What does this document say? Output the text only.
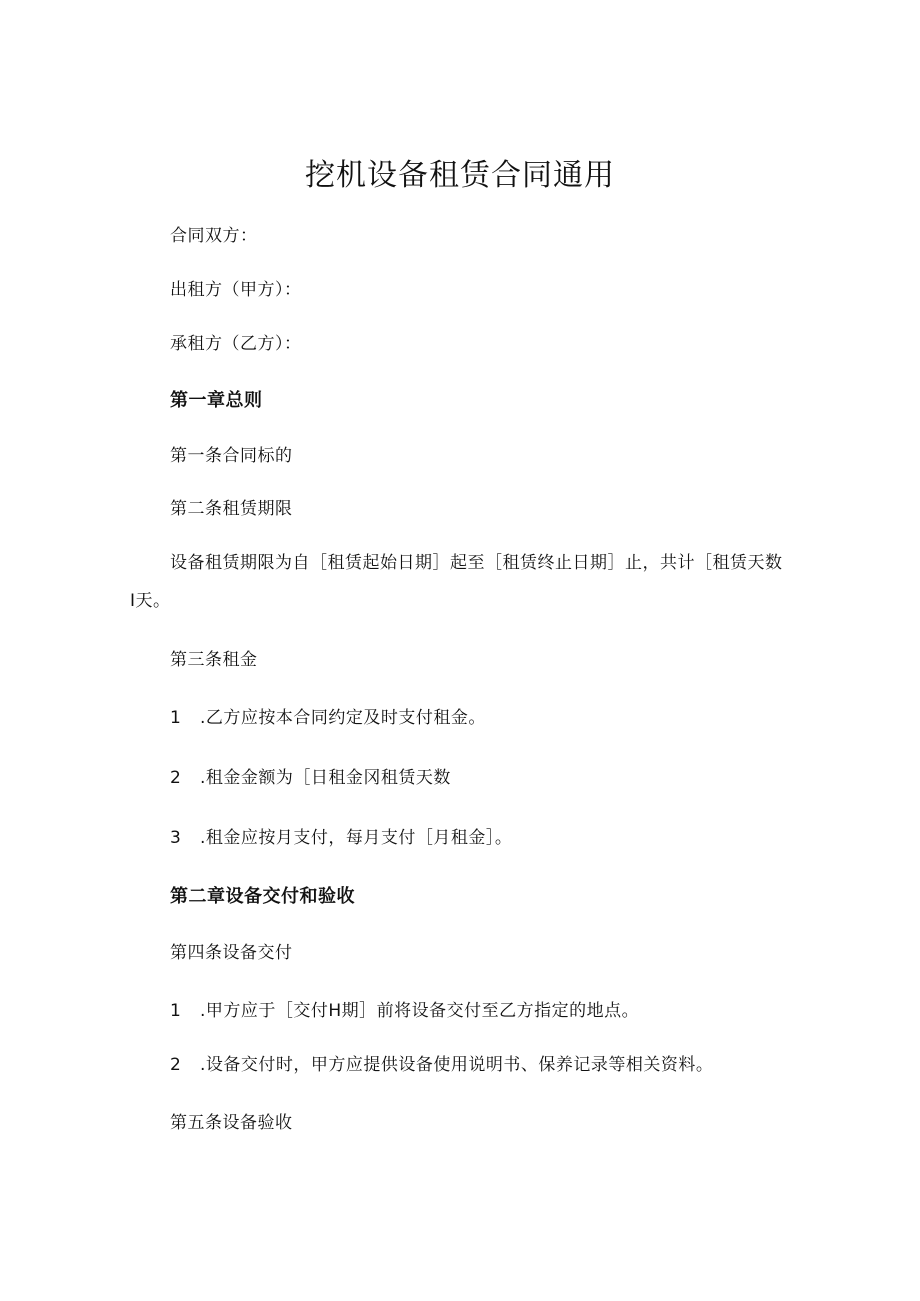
挖机设备租赁合同通用
合同双方：
出租方（甲方）：
承租方（乙方）：
第一章总则
第一条合同标的
第二条租赁期限
设备租赁期限为自［租赁起始日期］起至［租赁终止日期］止，共计［租赁天数I天。
第三条租金
1 .乙方应按本合同约定及时支付租金。
2 .租金金额为［日租金冈租赁天数
3 .租金应按月支付，每月支付［月租金］。
第二章设备交付和验收
第四条设备交付
1 .甲方应于［交付H期］前将设备交付至乙方指定的地点。
2 .设备交付时，甲方应提供设备使用说明书、保养记录等相关资料。
第五条设备验收
